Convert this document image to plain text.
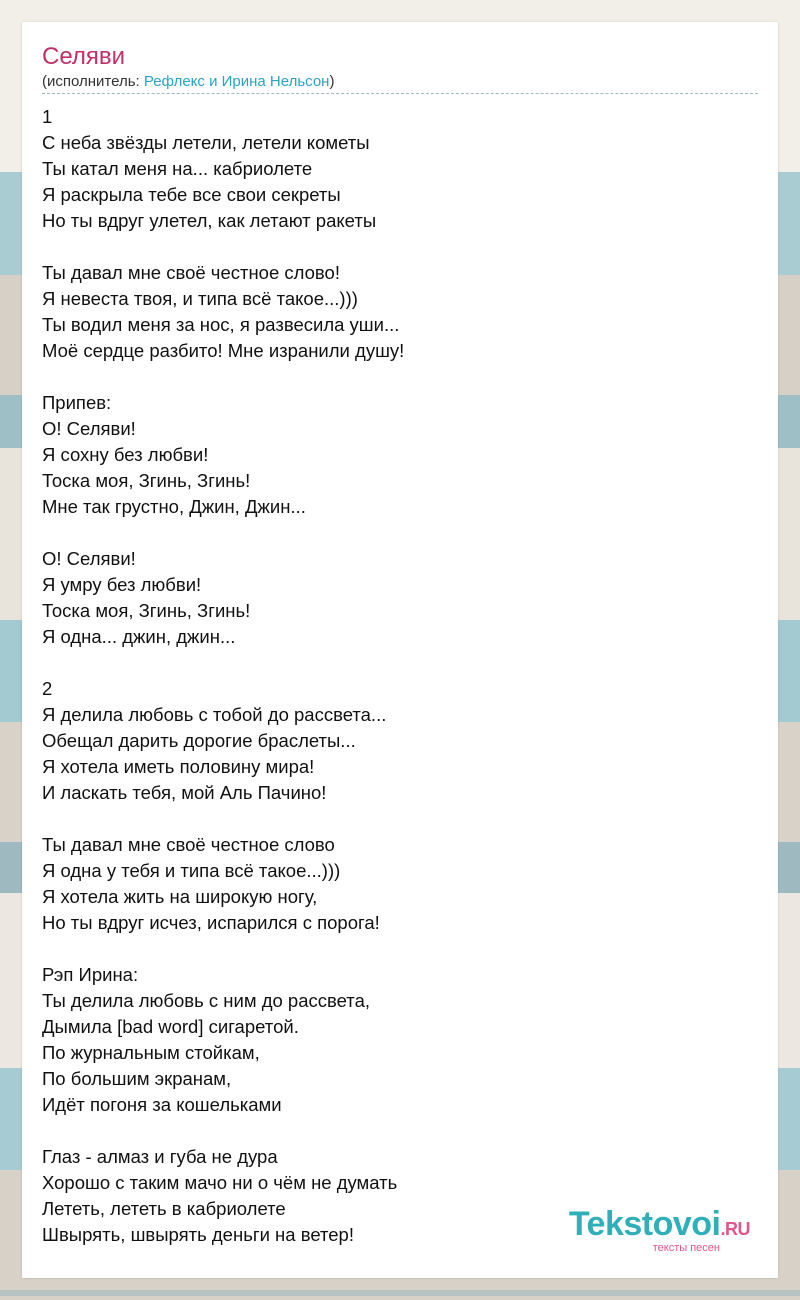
Селяви
(исполнитель: Рефлекс и Ирина Нельсон)
1
С неба звёзды летели, летели кометы
Ты катал меня на... кабриолете
Я раскрыла тебе все свои секреты
Но ты вдруг улетел, как летают ракеты
Ты давал мне своё честное слово!
Я невеста твоя, и типа всё такое...)))
Ты водил меня за нос, я развесила уши...
Моё сердце разбито! Мне изранили душу!
Припев:
О! Селяви!
Я сохну без любви!
Тоска моя, Згинь, Згинь!
Мне так грустно, Джин, Джин...
О! Селяви!
Я умру без любви!
Тоска моя, Згинь, Згинь!
Я одна... джин, джин...
2
Я делила любовь с тобой до рассвета...
Обещал дарить дорогие браслеты...
Я хотела иметь половину мира!
И ласкать тебя, мой Аль Пачино!
Ты давал мне своё честное слово
Я одна у тебя и типа всё такое...)))
Я хотела жить на широкую ногу,
Но ты вдруг исчез, испарился с порога!
Рэп Ирина:
Ты делила любовь с ним до рассвета,
Дымила [bad word] сигаретой.
По журнальным стойкам,
По большим экранам,
Идёт погоня за кошельками
Глаз - алмаз и губа не дура
Хорошо с таким мачо ни о чём не думать
Лететь, лететь в кабриолете
Швырять, швырять деньги на ветер!	Tekstovoi.RU
тексты песен
